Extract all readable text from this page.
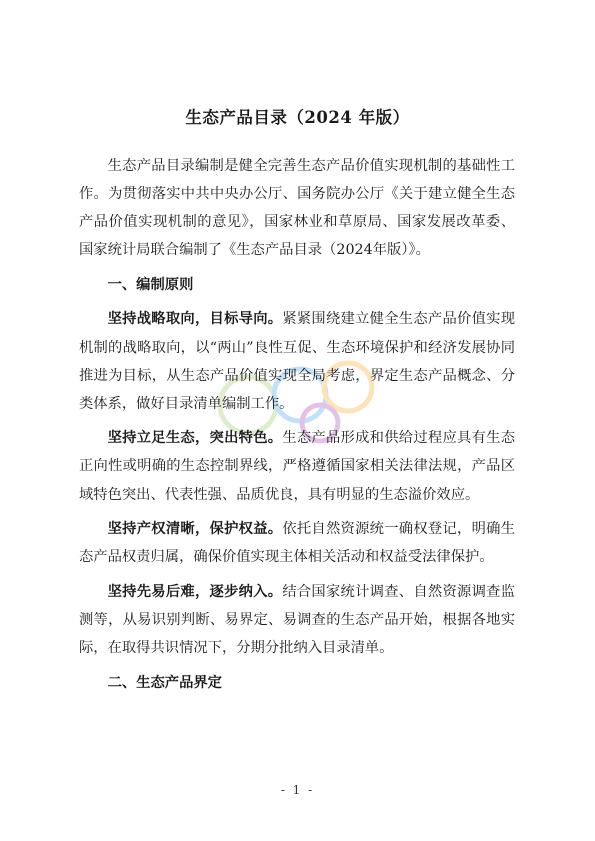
生态产品目录（2024 年版）

生态产品目录编制是健全完善生态产品价值实现机制的基础性工作。为贯彻落实中共中央办公厅、国务院办公厅《关于建立健全生态产品价值实现机制的意见》，国家林业和草原局、国家发展改革委、国家统计局联合编制了《生态产品目录（2024年版）》。

一、编制原则

坚持战略取向，目标导向。紧紧围绕建立健全生态产品价值实现机制的战略取向，以“两山”良性互促、生态环境保护和经济发展协同推进为目标，从生态产品价值实现全局考虑，界定生态产品概念、分类体系，做好目录清单编制工作。

坚持立足生态，突出特色。生态产品形成和供给过程应具有生态正向性或明确的生态控制界线，严格遵循国家相关法律法规，产品区域特色突出、代表性强、品质优良，具有明显的生态溢价效应。

坚持产权清晰，保护权益。依托自然资源统一确权登记，明确生态产品权责归属，确保价值实现主体相关活动和权益受法律保护。

坚持先易后难，逐步纳入。结合国家统计调查、自然资源调查监测等，从易识别判断、易界定、易调查的生态产品开始，根据各地实际，在取得共识情况下，分期分批纳入目录清单。

二、生态产品界定

- 1 -
